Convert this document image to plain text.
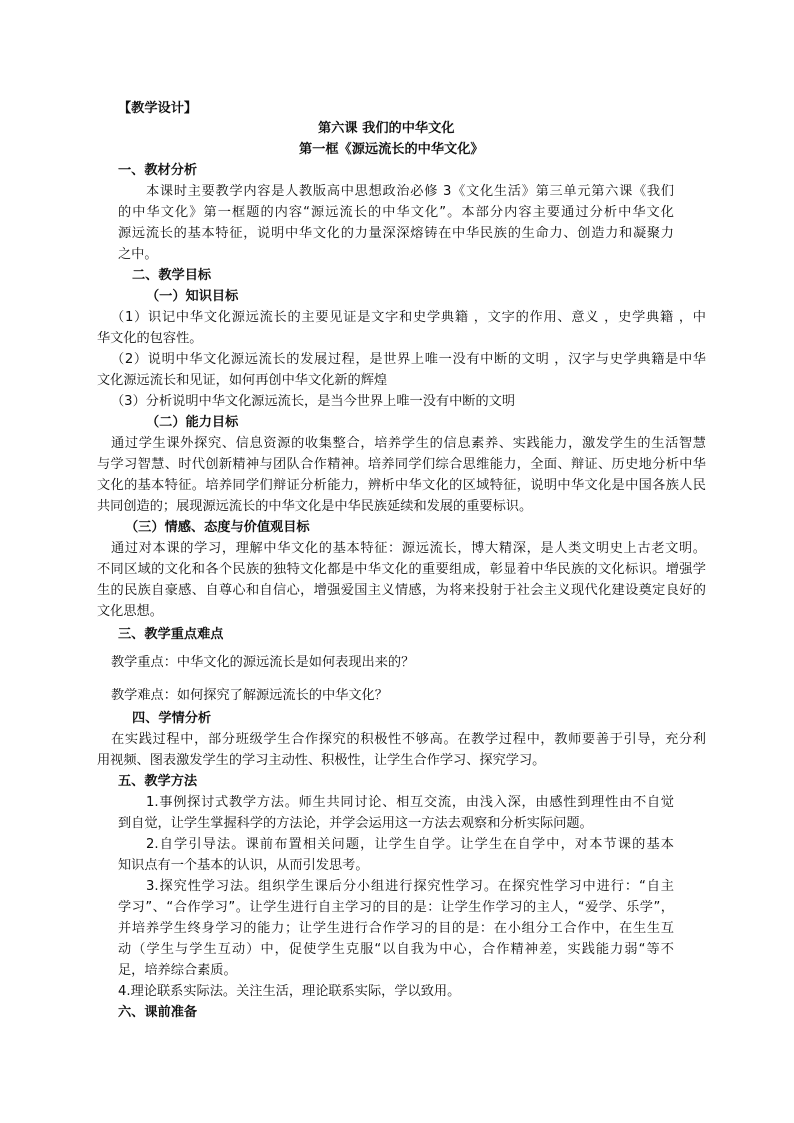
【教学设计】
第六课 我们的中华文化
第一框《源远流长的中华文化》
一、教材分析
本课时主要教学内容是人教版高中思想政治必修 3《文化生活》第三单元第六课《我们
的中华文化》第一框题的内容“源远流长的中华文化”。本部分内容主要通过分析中华文化
源远流长的基本特征，说明中华文化的力量深深熔铸在中华民族的生命力、创造力和凝聚力
之中。
二、教学目标
（一）知识目标
（1）识记中华文化源远流长的主要见证是文字和史学典籍 ，文字的作用、意义 ，史学典籍 ，中
华文化的包容性。
（2）说明中华文化源远流长的发展过程，是世界上唯一没有中断的文明 ，汉字与史学典籍是中华
文化源远流长和见证，如何再创中华文化新的辉煌
（3）分析说明中华文化源远流长，是当今世界上唯一没有中断的文明
（二）能力目标
通过学生课外探究、信息资源的收集整合，培养学生的信息素养、实践能力，激发学生的生活智慧
与学习智慧、时代创新精神与团队合作精神。培养同学们综合思维能力，全面、辩证、历史地分析中华
文化的基本特征。培养同学们辩证分析能力，辨析中华文化的区域特征，说明中华文化是中国各族人民
共同创造的；展现源远流长的中华文化是中华民族延续和发展的重要标识。
（三）情感、态度与价值观目标
通过对本课的学习，理解中华文化的基本特征：源远流长，博大精深，是人类文明史上古老文明。
不同区域的文化和各个民族的独特文化都是中华文化的重要组成，彰显着中华民族的文化标识。增强学
生的民族自豪感、自尊心和自信心，增强爱国主义情感，为将来投射于社会主义现代化建设奠定良好的
文化思想。
三、教学重点难点
教学重点：中华文化的源远流长是如何表现出来的？
教学难点：如何探究了解源远流长的中华文化？
四、学情分析
在实践过程中，部分班级学生合作探究的积极性不够高。在教学过程中，教师要善于引导，充分利
用视频、图表激发学生的学习主动性、积极性，让学生合作学习、探究学习。
五、教学方法
1.事例探讨式教学方法。师生共同讨论、相互交流，由浅入深，由感性到理性由不自觉
到自觉，让学生掌握科学的方法论，并学会运用这一方法去观察和分析实际问题。
2.自学引导法。课前布置相关问题，让学生自学。让学生在自学中，对本节课的基本
知识点有一个基本的认识，从而引发思考。
3.探究性学习法。组织学生课后分小组进行探究性学习。在探究性学习中进行：“自主
学习”、“合作学习”。让学生进行自主学习的目的是：让学生作学习的主人，“爱学、乐学”，
并培养学生终身学习的能力；让学生进行合作学习的目的是：在小组分工合作中，在生生互
动（学生与学生互动）中，促使学生克服“以自我为中心，合作精神差，实践能力弱“等不
足，培养综合素质。
4.理论联系实际法。关注生活，理论联系实际，学以致用。
六、课前准备
